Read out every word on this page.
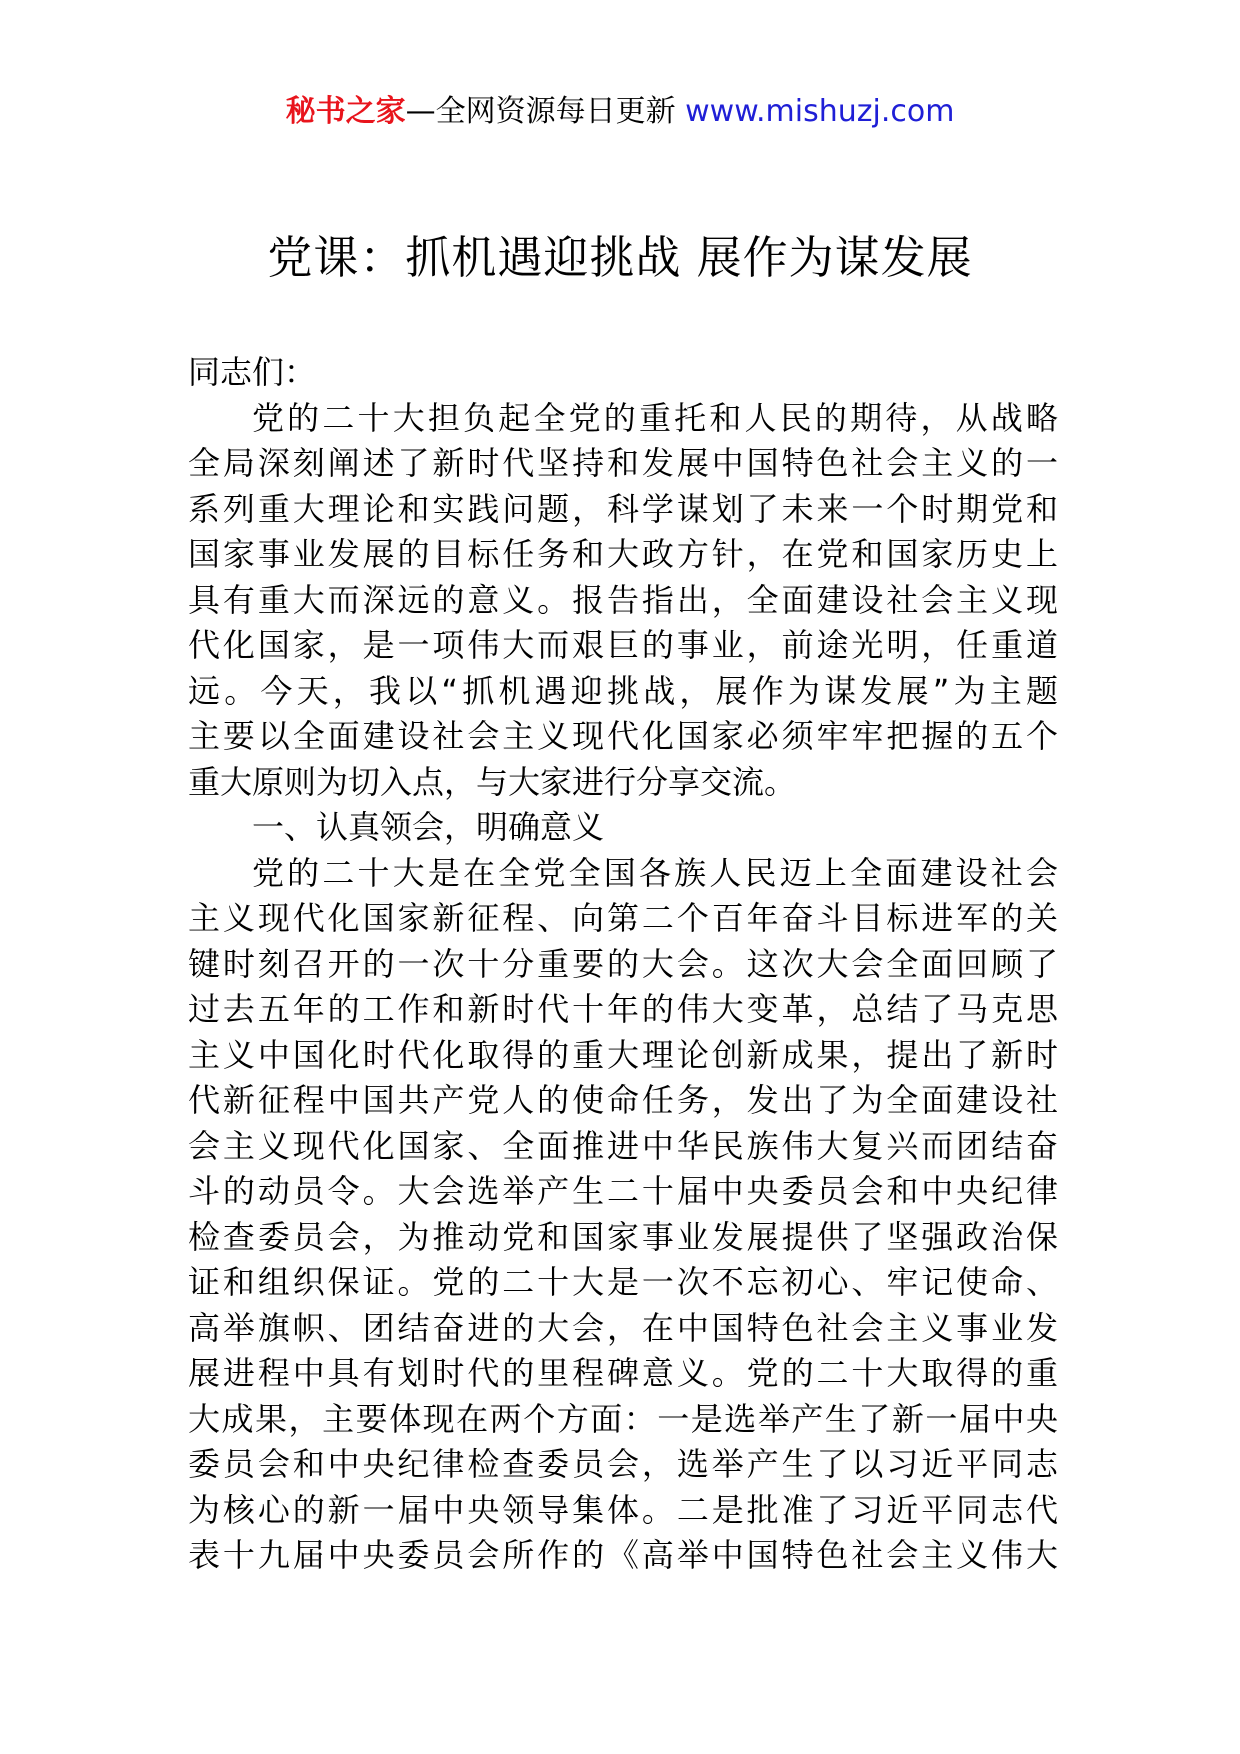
秘书之家—全网资源每日更新 www.mishuzj.com
党课：抓机遇迎挑战 展作为谋发展
同志们：
党的二十大担负起全党的重托和人民的期待，从战略
全局深刻阐述了新时代坚持和发展中国特色社会主义的一
系列重大理论和实践问题，科学谋划了未来一个时期党和
国家事业发展的目标任务和大政方针，在党和国家历史上
具有重大而深远的意义。报告指出，全面建设社会主义现
代化国家，是一项伟大而艰巨的事业，前途光明，任重道
远。今天，我以“抓机遇迎挑战，展作为谋发展”为主题
主要以全面建设社会主义现代化国家必须牢牢把握的五个
重大原则为切入点，与大家进行分享交流。
一、认真领会，明确意义
党的二十大是在全党全国各族人民迈上全面建设社会
主义现代化国家新征程、向第二个百年奋斗目标进军的关
键时刻召开的一次十分重要的大会。这次大会全面回顾了
过去五年的工作和新时代十年的伟大变革，总结了马克思
主义中国化时代化取得的重大理论创新成果，提出了新时
代新征程中国共产党人的使命任务，发出了为全面建设社
会主义现代化国家、全面推进中华民族伟大复兴而团结奋
斗的动员令。大会选举产生二十届中央委员会和中央纪律
检查委员会，为推动党和国家事业发展提供了坚强政治保
证和组织保证。党的二十大是一次不忘初心、牢记使命、
高举旗帜、团结奋进的大会，在中国特色社会主义事业发
展进程中具有划时代的里程碑意义。党的二十大取得的重
大成果，主要体现在两个方面：一是选举产生了新一届中央
委员会和中央纪律检查委员会，选举产生了以习近平同志
为核心的新一届中央领导集体。二是批准了习近平同志代
表十九届中央委员会所作的《高举中国特色社会主义伟大
